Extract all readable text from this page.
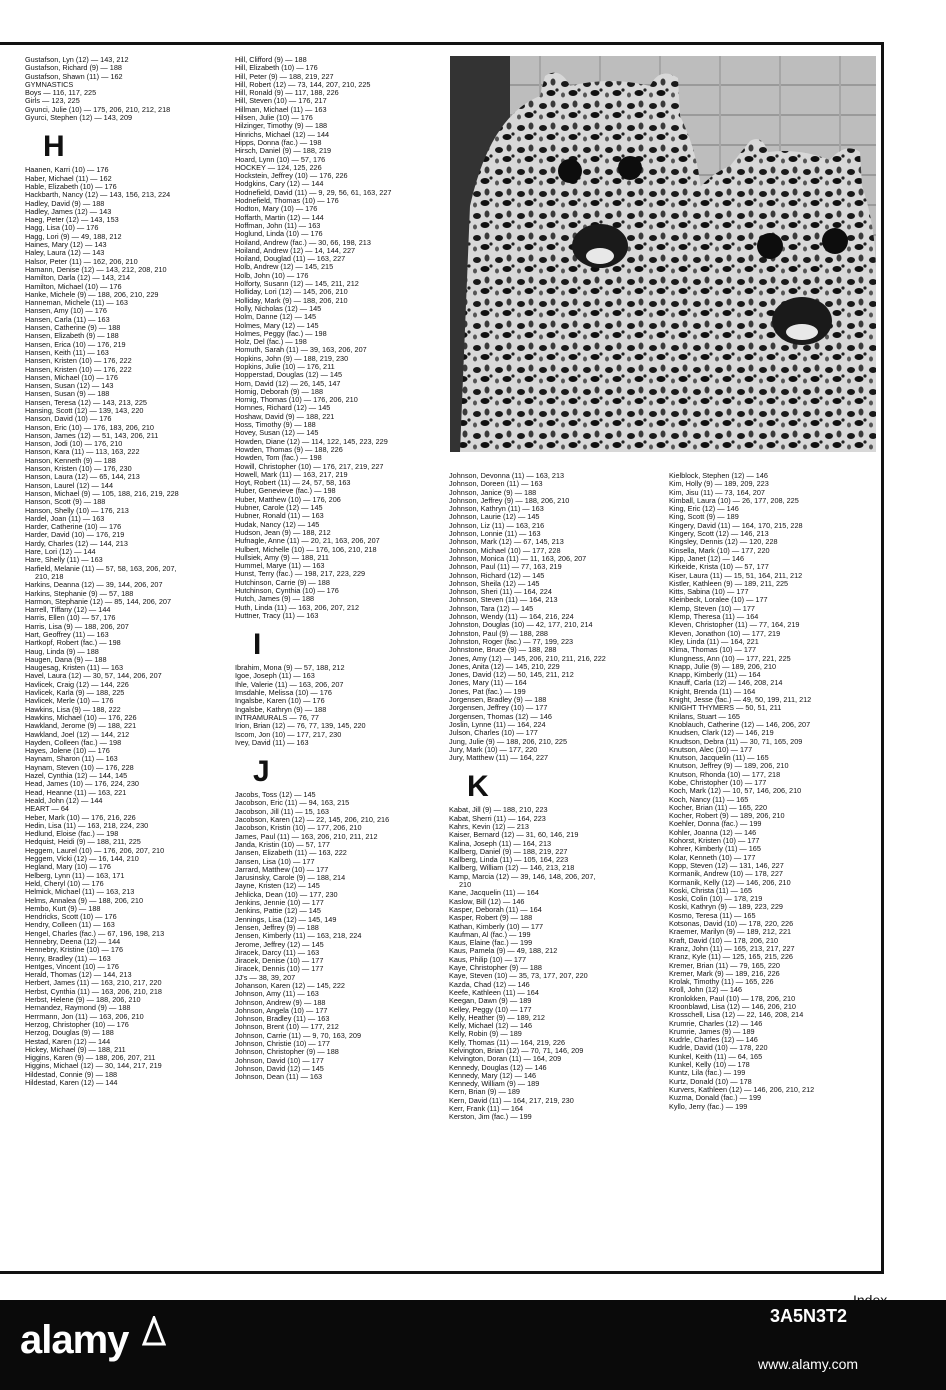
Gustafson, Lyn (12) — 143, 212
Gustafson, Richard (9) — 188
Gustafson, Shawn (11) — 162
GYMNASTICS
Boys — 116, 117, 225
Girls — 123, 225
Gyunci, Julie (10) — 175, 206, 210, 212, 218
Gyurci, Stephen (12) — 143, 209
H
Haanen, Karri (10) — 176
Haber, Michael (11) — 162
Hable, Elizabeth (10) — 176
Hackbarth, Nancy (12) — 143, 156, 213, 224
Hadley, David (9) — 188
Hadley, James (12) — 143
Haeg, Peter (12) — 143, 153
Hagg, Lisa (10) — 176
Hagg, Lori (9) — 49, 188, 212
Haines, Mary (12) — 143
Haley, Laura (12) — 143
Halsor, Peter (11) — 162, 206, 210
Hamann, Denise (12) — 143, 212, 208, 210
Hamilton, Darla (12) — 143, 214
Hamilton, Michael (10) — 176
Hanke, Michele (9) — 188, 206, 210, 229
Hanneman, Michele (11) — 163
Hansen, Amy (10) — 176
Hansen, Carla (11) — 163
Hansen, Catherine (9) — 188
Hansen, Elizabeth (9) — 188
Hansen, Erica (10) — 176, 219
Hansen, Keith (11) — 163
Hansen, Kristen (10) — 176, 222
Hansen, Kristen (10) — 176, 222
Hansen, Michael (10) — 176
Hansen, Susan (12) — 143
Hansen, Susan (9) — 188
Hansen, Teresa (12) — 143, 213, 225
Hansing, Scott (12) — 139, 143, 220
Hanson, David (10) — 176
Hanson, Eric (10) — 176, 183, 206, 210
Hanson, James (12) — 51, 143, 206, 211
Hanson, Jodi (10) — 176, 210
Hanson, Kara (11) — 113, 163, 222
Hanson, Kenneth (9) — 188
Hanson, Kristen (10) — 176, 230
Hanson, Laura (12) — 65, 144, 213
Hanson, Laurel (12) — 144
Hanson, Michael (9) — 105, 188, 216, 219, 228
Hanson, Scott (9) — 188
Hanson, Shelly (10) — 176, 213
Hardel, Joan (11) — 163
Harder, Catherine (10) — 176
Harder, David (10) — 176, 219
Hardy, Charles (12) — 144, 213
Hare, Lori (12) — 144
Hare, Shelly (11) — 163
Harfield, Melanie (11) — 57, 58, 163, 206, 207,
210, 218
Harkins, Deanna (12) — 39, 144, 206, 207
Harkins, Stephanie (9) — 57, 188
Harmon, Stephanie (12) — 85, 144, 206, 207
Harrell, Tiffany (12) — 144
Harris, Ellen (10) — 57, 176
Harris, Lisa (9) — 188, 206, 207
Hart, Geoffrey (11) — 163
Hartkopf, Robert (fac.) — 198
Haug, Linda (9) — 188
Haugen, Dana (9) — 188
Haugesag, Kristen (11) — 163
Havel, Laura (12) — 30, 57, 144, 206, 207
Havlicek, Craig (12) — 144, 226
Havlicek, Karla (9) — 188, 225
Havlicek, Merle (10) — 176
Hawkins, Lisa (9) — 188, 222
Hawkins, Michael (10) — 176, 226
Hawkland, Jerome (9) — 188, 221
Hawkland, Joel (12) — 144, 212
Hayden, Colleen (fac.) — 198
Hayes, Jolene (10) — 176
Haynam, Sharon (11) — 163
Haynam, Steven (10) — 176, 228
Hazel, Cynthia (12) — 144, 145
Head, James (10) — 176, 224, 230
Head, Heanne (11) — 163, 221
Heald, John (12) — 144
HEART — 64
Heber, Mark (10) — 176, 216, 226
Hedin, Lisa (11) — 163, 218, 224, 230
Hedlund, Eloise (fac.) — 198
Hedquist, Heidi (9) — 188, 211, 225
Heggem, Laurel (10) — 176, 206, 207, 210
Heggem, Vicki (12) — 16, 144, 210
Hegland, Mary (10) — 176
Helberg, Lynn (11) — 163, 171
Held, Cheryl (10) — 176
Helmick, Michael (11) — 163, 213
Helms, Annalea (9) — 188, 206, 210
Hembo, Kurt (9) — 188
Hendricks, Scott (10) — 176
Hendry, Colleen (11) — 163
Hengel, Charles (fac.) — 67, 196, 198, 213
Hennebry, Deena (12) — 144
Hennebry, Kristine (10) — 176
Henry, Bradley (11) — 163
Hentges, Vincent (10) — 176
Herald, Thomas (12) — 144, 213
Herbert, James (11) — 163, 210, 217, 220
Herbst, Cynthia (11) — 163, 206, 210, 218
Herbst, Helene (9) — 188, 206, 210
Hernandez, Raymond (9) — 188
Herrmann, Jon (11) — 163, 206, 210
Herzog, Christopher (10) — 176
Herzog, Douglas (9) — 188
Hestad, Karen (12) — 144
Hickey, Michael (9) — 188, 211
Higgins, Karen (9) — 188, 206, 207, 211
Higgins, Michael (12) — 30, 144, 217, 219
Hildestad, Connie (9) — 188
Hildestad, Karen (12) — 144
Hill, Clifford (9) — 188
Hill, Elizabeth (10) — 176
Hill, Peter (9) — 188, 219, 227
Hill, Robert (12) — 73, 144, 207, 210, 225
Hill, Ronald (9) — 117, 188, 226
Hill, Steven (10) — 176, 217
Hillman, Michael (11) — 163
Hilsen, Julie (10) — 176
Hilzinger, Timothy (9) — 188
Hinrichs, Michael (12) — 144
Hipps, Donna (fac.) — 198
Hirsch, Daniel (9) — 188, 219
Hoard, Lynn (10) — 57, 176
HOCKEY — 124, 125, 226
Hockstein, Jeffrey (10) — 176, 226
Hodgkins, Cary (12) — 144
Hodnefield, David (11) — 9, 29, 56, 61, 163, 227
Hodnefield, Thomas (10) — 176
Hodton, Mary (10) — 176
Hoffarth, Martin (12) — 144
Hoffman, John (11) — 163
Hoglund, Linda (10) — 176
Hoiland, Andrew (fac.) — 30, 66, 198, 213
Hoiland, Andrew (12) — 14, 144, 227
Hoiland, Douglad (11) — 163, 227
Holb, Andrew (12) — 145, 215
Holb, John (10) — 176
Holforty, Susann (12) — 145, 211, 212
Holliday, Lori (12) — 145, 206, 210
Holliday, Mark (9) — 188, 206, 210
Holly, Nicholas (12) — 145
Holm, Danne (12) — 145
Holmes, Mary (12) — 145
Holmes, Peggy (fac.) — 198
Holz, Del (fac.) — 198
Homuth, Sarah (11) — 39, 163, 206, 207
Hopkins, John (9) — 188, 219, 230
Hopkins, Julie (10) — 176, 211
Hopperstad, Douglas (12) — 145
Horn, David (12) — 26, 145, 147
Hornig, Deborah (9) — 188
Hornig, Thomas (10) — 176, 206, 210
Hornnes, Richard (12) — 145
Hoshaw, David (9) — 188, 221
Hoss, Timothy (9) — 188
Hovey, Susan (12) — 145
Howden, Diane (12) — 114, 122, 145, 223, 229
Howden, Thomas (9) — 188, 226
Howden, Tom (fac.) — 198
Howill, Christopher (10) — 176, 217, 219, 227
Howell, Mark (11) — 163, 217, 219
Hoyt, Robert (11) — 24, 57, 58, 163
Huber, Genevieve (fac.) — 198
Huber, Matthew (10) — 176, 206
Hubner, Carole (12) — 145
Hubner, Ronald (11) — 163
Hudak, Nancy (12) — 145
Hudson, Jean (9) — 188, 212
Hufnagle, Anne (11) — 20, 21, 163, 206, 207
Hulbert, Michelle (10) — 176, 106, 210, 218
Hullsiek, Amy (9) — 188, 211
Hummel, Marye (11) — 163
Hunst, Terry (fac.) — 198, 217, 223, 229
Hutchinson, Carrie (9) — 188
Hutchinson, Cynthia (10) — 176
Hutch, James (9) — 188
Huth, Linda (11) — 163, 206, 207, 212
Huttner, Tracy (11) — 163
I
Ibrahim, Mona (9) — 57, 188, 212
Igoe, Joseph (11) — 163
Ihle, Valerie (11) — 163, 206, 207
Imsdahle, Melissa (10) — 176
Ingalsbe, Karen (10) — 176
Ingalsbe, Kathryn (9) — 188
INTRAMURALS — 76, 77
Irion, Brian (12) — 76, 77, 139, 145, 220
Iscom, Jon (10) — 177, 217, 230
Ivey, David (11) — 163
J
Jacobs, Toss (12) — 145
Jacobson, Eric (11) — 94, 163, 215
Jacobson, Jill (11) — 15, 163
Jacobson, Karen (12) — 22, 145, 206, 210, 216
Jacobson, Kristin (10) — 177, 206, 210
James, Paul (11) — 163, 206, 210, 211, 212
Janda, Kristin (10) — 57, 177
Jansen, Elizabeth (11) — 163, 222
Jansen, Lisa (10) — 177
Jarrard, Matthew (10) — 177
Jarusinsky, Carole (9) — 188, 214
Jayne, Kristen (12) — 145
Jehlicka, Dean (10) — 177, 230
Jenkins, Jennie (10) — 177
Jenkins, Pattie (12) — 145
Jennings, Lisa (12) — 145, 149
Jensen, Jeffrey (9) — 188
Jensen, Kimberly (11) — 163, 218, 224
Jerome, Jeffrey (12) — 145
Jiracek, Darcy (11) — 163
Jiracek, Denise (10) — 177
Jiracek, Dennis (10) — 177
JJ's — 38, 39, 207
Johanson, Karen (12) — 145, 222
Johnson, Amy (11) — 163
Johnson, Andrew (9) — 188
Johnson, Angela (10) — 177
Johnson, Bradley (11) — 163
Johnson, Brent (10) — 177, 212
Johnson, Carrie (11) — 9, 70, 163, 209
Johnson, Christie (10) — 177
Johnson, Christopher (9) — 188
Johnson, David (10) — 177
Johnson, David (12) — 145
Johnson, Dean (11) — 163
Johnson, Devonna (11) — 163, 213
Johnson, Doreen (11) — 163
Johnson, Janice (9) — 188
Johnson, Jeffrey (9) — 188, 206, 210
Johnson, Kathryn (11) — 163
Johnson, Laurie (12) — 145
Johnson, Liz (11) — 163, 216
Johnson, Lonnie (11) — 163
Johnson, Mark (12) — 67, 145, 213
Johnson, Michael (10) — 177, 228
Johnson, Monica (11) — 11, 163, 206, 207
Johnson, Paul (11) — 77, 163, 219
Johnson, Richard (12) — 145
Johnson, Sheila (12) — 145
Johnson, Sheri (11) — 164, 224
Johnson, Steven (11) — 164, 213
Johnson, Tara (12) — 145
Johnson, Wendy (11) — 164, 216, 224
Johnston, Douglas (10) — 42, 177, 210, 214
Johnston, Paul (9) — 188, 288
Johnston, Roger (fac.) — 77, 199, 223
Johnstone, Bruce (9) — 188, 288
Jones, Amy (12) — 145, 206, 210, 211, 216, 222
Jones, Anita (12) — 145, 210, 229
Jones, David (12) — 50, 145, 211, 212
Jones, Mary (11) — 164
Jones, Pat (fac.) — 199
Jorgensen, Bradley (9) — 188
Jorgensen, Jeffrey (10) — 177
Jorgensen, Thomas (12) — 146
Joslin, Lynne (11) — 164, 224
Julson, Charles (10) — 177
Jung, Julie (9) — 188, 206, 210, 225
Jury, Mark (10) — 177, 220
Jury, Matthew (11) — 164, 227
K
Kabat, Jill (9) — 188, 210, 223
Kabat, Sherri (11) — 164, 223
Kahrs, Kevin (12) — 213
Kaiser, Bernard (12) — 31, 60, 146, 219
Kalina, Joseph (11) — 164, 213
Kallberg, Daniel (9) — 188, 219, 227
Kallberg, Linda (11) — 105, 164, 223
Kallberg, William (12) — 146, 213, 218
Kamp, Marcia (12) — 39, 146, 148, 206, 207,
210
Kane, Jacquelin (11) — 164
Kaslow, Bill (12) — 146
Kasper, Deborah (11) — 164
Kasper, Robert (9) — 188
Kathan, Kimberly (10) — 177
Kaufman, Al (fac.) — 199
Kaus, Elaine (fac.) — 199
Kaus, Pamela (9) — 49, 188, 212
Kaus, Philip (10) — 177
Kaye, Christopher (9) — 188
Kaye, Steven (10) — 35, 73, 177, 207, 220
Kazda, Chad (12) — 146
Keefe, Kathleen (11) — 164
Keegan, Dawn (9) — 189
Kelley, Peggy (10) — 177
Kelly, Heather (9) — 189, 212
Kelly, Michael (12) — 146
Kelly, Robin (9) — 189
Kelly, Thomas (11) — 164, 219, 226
Kelvington, Brian (12) — 70, 71, 146, 209
Kelvington, Doran (11) — 164, 209
Kennedy, Douglas (12) — 146
Kennedy, Mary (12) — 146
Kennedy, William (9) — 189
Kern, Brian (9) — 189
Kern, David (11) — 164, 217, 219, 230
Kerr, Frank (11) — 164
Kerston, Jim (fac.) — 199
Kielblock, Stephen (12) — 146
Kim, Holly (9) — 189, 209, 223
Kim, Jisu (11) — 73, 164, 207
Kimball, Laura (10) — 26, 177, 208, 225
King, Eric (12) — 146
King, Scott (9) — 189
Kingery, David (11) — 164, 170, 215, 228
Kingery, Scott (12) — 146, 213
Kingsley, Dennis (12) — 120, 228
Kinsella, Mark (10) — 177, 220
Kipp, Janet (12) — 146
Kirkeide, Krista (10) — 57, 177
Kiser, Laura (11) — 15, 51, 164, 211, 212
Kistler, Kathleen (9) — 189, 211, 225
Kitts, Sabina (10) — 177
Kleinbeck, Loralee (10) — 177
Klemp, Steven (10) — 177
Klemp, Theresa (11) — 164
Kleven, Christopher (11) — 77, 164, 219
Kleven, Jonathon (10) — 177, 219
Kley, Linda (11) — 164, 221
Klima, Thomas (10) — 177
Klungness, Ann (10) — 177, 221, 225
Knapp, Julie (9) — 189, 206, 210
Knapp, Kimberly (11) — 164
Knauff, Carla (12) — 146, 208, 214
Knight, Brenda (11) — 164
Knight, Jesse (fac.) — 49, 50, 199, 211, 212
KNIGHT THYMERS — 50, 51, 211
Knilans, Stuart — 165
Knoblauch, Catherine (12) — 146, 206, 207
Knudsen, Clark (12) — 146, 219
Knudtson, Debra (11) — 30, 71, 165, 209
Knutson, Alec (10) — 177
Knutson, Jacquelin (11) — 165
Knutson, Jeffrey (9) — 189, 206, 210
Knutson, Rhonda (10) — 177, 218
Kobe, Christopher (10) — 177
Koch, Mark (12) — 10, 57, 146, 206, 210
Koch, Nancy (11) — 165
Kocher, Brian (11) — 165, 220
Kocher, Robert (9) — 189, 206, 210
Koehler, Donna (fac.) — 199
Kohler, Joanna (12) — 146
Kohorst, Kristen (10) — 177
Kohrer, Kimberly (11) — 165
Kolar, Kenneth (10) — 177
Kopp, Steven (12) — 131, 146, 227
Kormanik, Andrew (10) — 178, 227
Kormanik, Kelly (12) — 146, 206, 210
Koski, Christa (11) — 165
Koski, Colin (10) — 178, 219
Koski, Kathryn (9) — 189, 223, 229
Kosmo, Teresa (11) — 165
Kotsonas, David (10) — 178, 220, 226
Kraemer, Marilyn (9) — 189, 212, 221
Kraft, David (10) — 178, 206, 210
Kranz, John (11) — 165, 213, 217, 227
Kranz, Kyle (11) — 125, 165, 215, 226
Kremer, Brian (11) — 79, 165, 220
Kremer, Mark (9) — 189, 216, 226
Krolak, Timothy (11) — 165, 226
Kroll, John (12) — 146
Kronlokken, Paul (10) — 178, 206, 210
Kroonblawd, Lisa (12) — 146, 206, 210
Krosschell, Lisa (12) — 22, 146, 208, 214
Krumrie, Charles (12) — 146
Krumrie, James (9) — 189
Kudrle, Charles (12) — 146
Kudrle, David (10) — 178, 220
Kunkel, Keith (11) — 64, 165
Kunkel, Kelly (10) — 178
Kuntz, Lila (fac.) — 199
Kurtz, Donald (10) — 178
Kurvers, Kathleen (12) — 146, 206, 210, 212
Kuzma, Donald (fac.) — 199
Kyllo, Jerry (fac.) — 199
alamy
3A5N3T2
www.alamy.com
